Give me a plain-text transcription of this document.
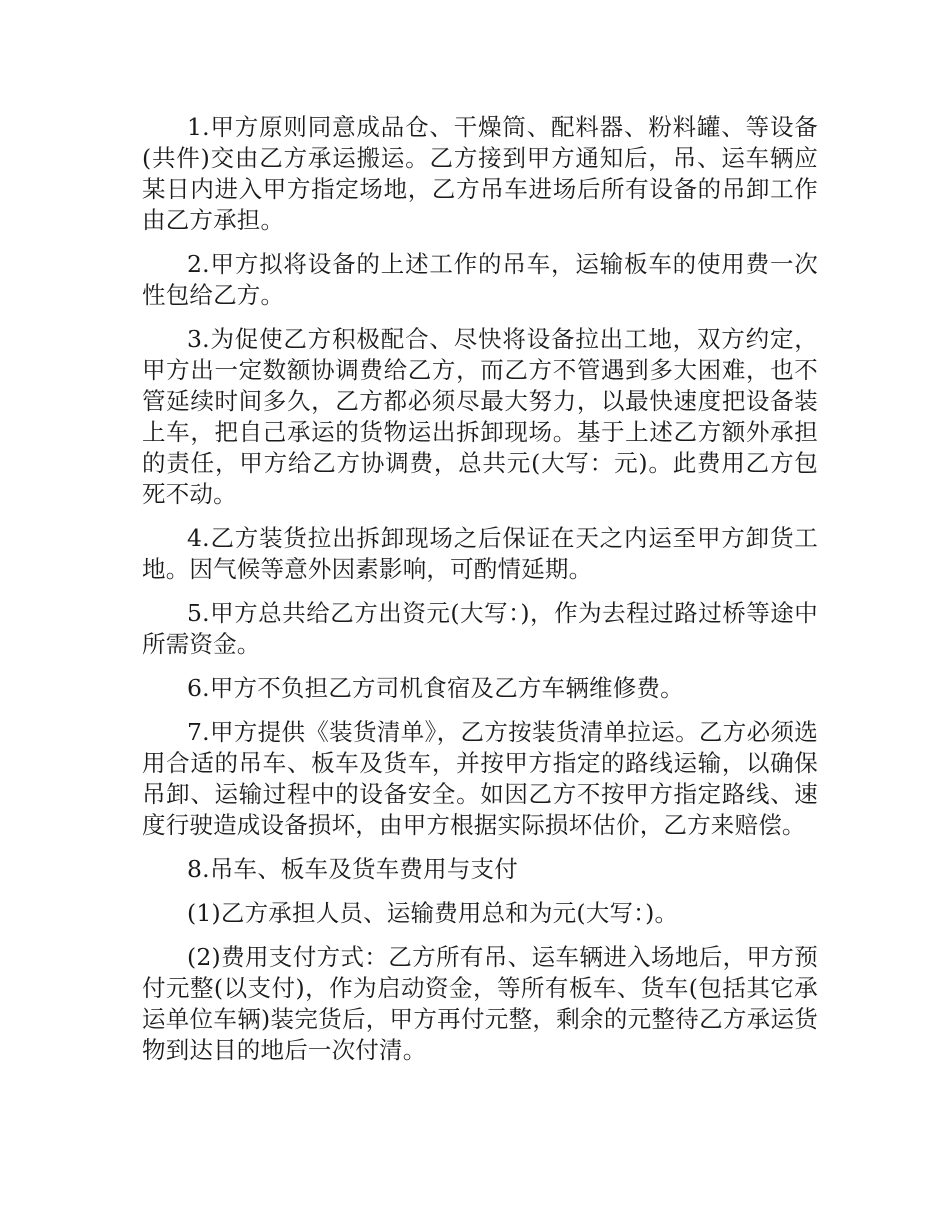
1.甲方原则同意成品仓、干燥筒、配料器、粉料罐、等设备(共件)交由乙方承运搬运。乙方接到甲方通知后，吊、运车辆应某日内进入甲方指定场地，乙方吊车进场后所有设备的吊卸工作由乙方承担。

2.甲方拟将设备的上述工作的吊车，运输板车的使用费一次性包给乙方。

3.为促使乙方积极配合、尽快将设备拉出工地，双方约定，甲方出一定数额协调费给乙方，而乙方不管遇到多大困难，也不管延续时间多久，乙方都必须尽最大努力，以最快速度把设备装上车，把自己承运的货物运出拆卸现场。基于上述乙方额外承担的责任，甲方给乙方协调费，总共元(大写：元)。此费用乙方包死不动。

4.乙方装货拉出拆卸现场之后保证在天之内运至甲方卸货工地。因气候等意外因素影响，可酌情延期。

5.甲方总共给乙方出资元(大写：)，作为去程过路过桥等途中所需资金。

6.甲方不负担乙方司机食宿及乙方车辆维修费。

7.甲方提供《装货清单》，乙方按装货清单拉运。乙方必须选用合适的吊车、板车及货车，并按甲方指定的路线运输，以确保吊卸、运输过程中的设备安全。如因乙方不按甲方指定路线、速度行驶造成设备损坏，由甲方根据实际损坏估价，乙方来赔偿。

8.吊车、板车及货车费用与支付

(1)乙方承担人员、运输费用总和为元(大写：)。

(2)费用支付方式：乙方所有吊、运车辆进入场地后，甲方预付元整(以支付)，作为启动资金，等所有板车、货车(包括其它承运单位车辆)装完货后，甲方再付元整，剩余的元整待乙方承运货物到达目的地后一次付清。
